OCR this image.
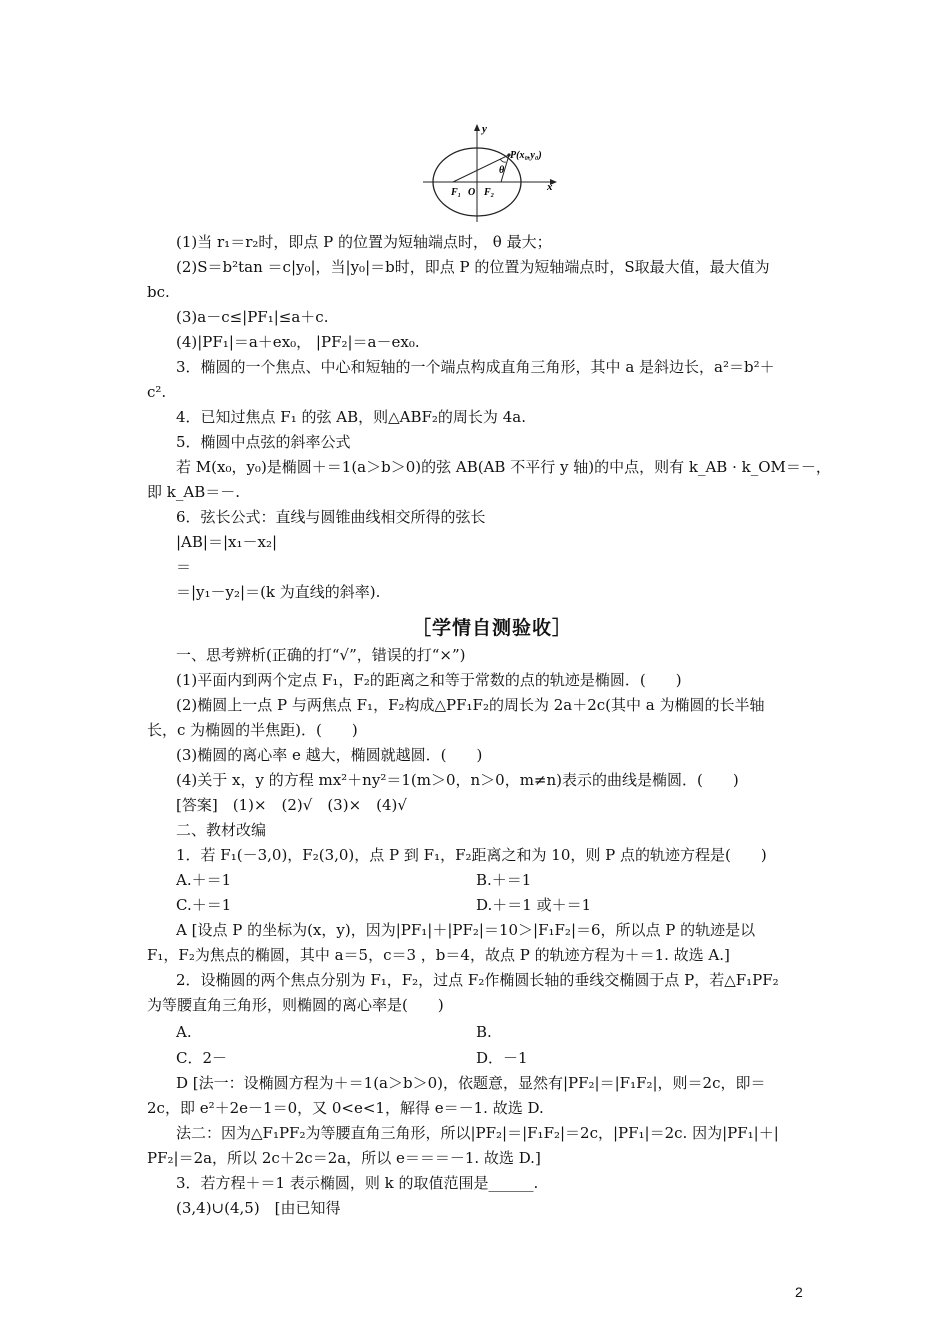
y
x
P(x₀,y₀)
θ
F₁ O F₂
(1)当 r₁＝r₂时，即点 P 的位置为短轴端点时， θ 最大；
(2)S＝b²tan ＝c|y₀|，当|y₀|＝b时，即点 P 的位置为短轴端点时，S取最大值，最大值为
bc.
(3)a－c≤|PF₁|≤a＋c.
(4)|PF₁|＝a＋ex₀， |PF₂|＝a－ex₀.
3．椭圆的一个焦点、中心和短轴的一个端点构成直角三角形，其中 a 是斜边长，a²＝b²＋
c².
4．已知过焦点 F₁ 的弦 AB，则△ABF₂的周长为 4a.
5．椭圆中点弦的斜率公式
若 M(x₀，y₀)是椭圆＋＝1(a＞b＞0)的弦 AB(AB 不平行 y 轴)的中点，则有 k_AB · k_OM＝－，
即 k_AB＝－.
6．弦长公式：直线与圆锥曲线相交所得的弦长
|AB|＝|x₁－x₂|
＝
＝|y₁－y₂|＝(k 为直线的斜率).
［学情自测验收］
一、思考辨析(正确的打“√”，错误的打“×”)
(1)平面内到两个定点 F₁，F₂的距离之和等于常数的点的轨迹是椭圆．(　　)
(2)椭圆上一点 P 与两焦点 F₁，F₂构成△PF₁F₂的周长为 2a＋2c(其中 a 为椭圆的长半轴
长，c 为椭圆的半焦距)．(　　)
(3)椭圆的离心率 e 越大，椭圆就越圆．(　　)
(4)关于 x，y 的方程 mx²＋ny²＝1(m＞0，n＞0，m≠n)表示的曲线是椭圆．(　　)
[答案]　(1)×　(2)√　(3)×　(4)√
二、教材改编
1．若 F₁(－3,0)，F₂(3,0)，点 P 到 F₁，F₂距离之和为 10，则 P 点的轨迹方程是(　　)
A.＋＝1	B.＋＝1
C.＋＝1	D.＋＝1 或＋＝1
A [设点 P 的坐标为(x，y)，因为|PF₁|＋|PF₂|＝10＞|F₁F₂|＝6，所以点 P 的轨迹是以
F₁，F₂为焦点的椭圆，其中 a＝5，c＝3 ，b＝4，故点 P 的轨迹方程为＋＝1. 故选 A.]
2．设椭圆的两个焦点分别为 F₁，F₂，过点 F₂作椭圆长轴的垂线交椭圆于点 P，若△F₁PF₂
为等腰直角三角形，则椭圆的离心率是(　　)
A.	B.
C．2－	D．－1
D [法一：设椭圆方程为＋＝1(a＞b＞0)，依题意，显然有|PF₂|＝|F₁F₂|，则＝2c，即＝
2c，即 e²＋2e－1＝0，又 0<e<1，解得 e＝－1. 故选 D.
法二：因为△F₁PF₂为等腰直角三角形，所以|PF₂|＝|F₁F₂|＝2c，|PF₁|＝2c. 因为|PF₁|＋|
PF₂|＝2a，所以 2c＋2c＝2a，所以 e＝＝＝－1. 故选 D.]
3．若方程＋＝1 表示椭圆，则 k 的取值范围是______.
(3,4)∪(4,5)　[由已知得
2
